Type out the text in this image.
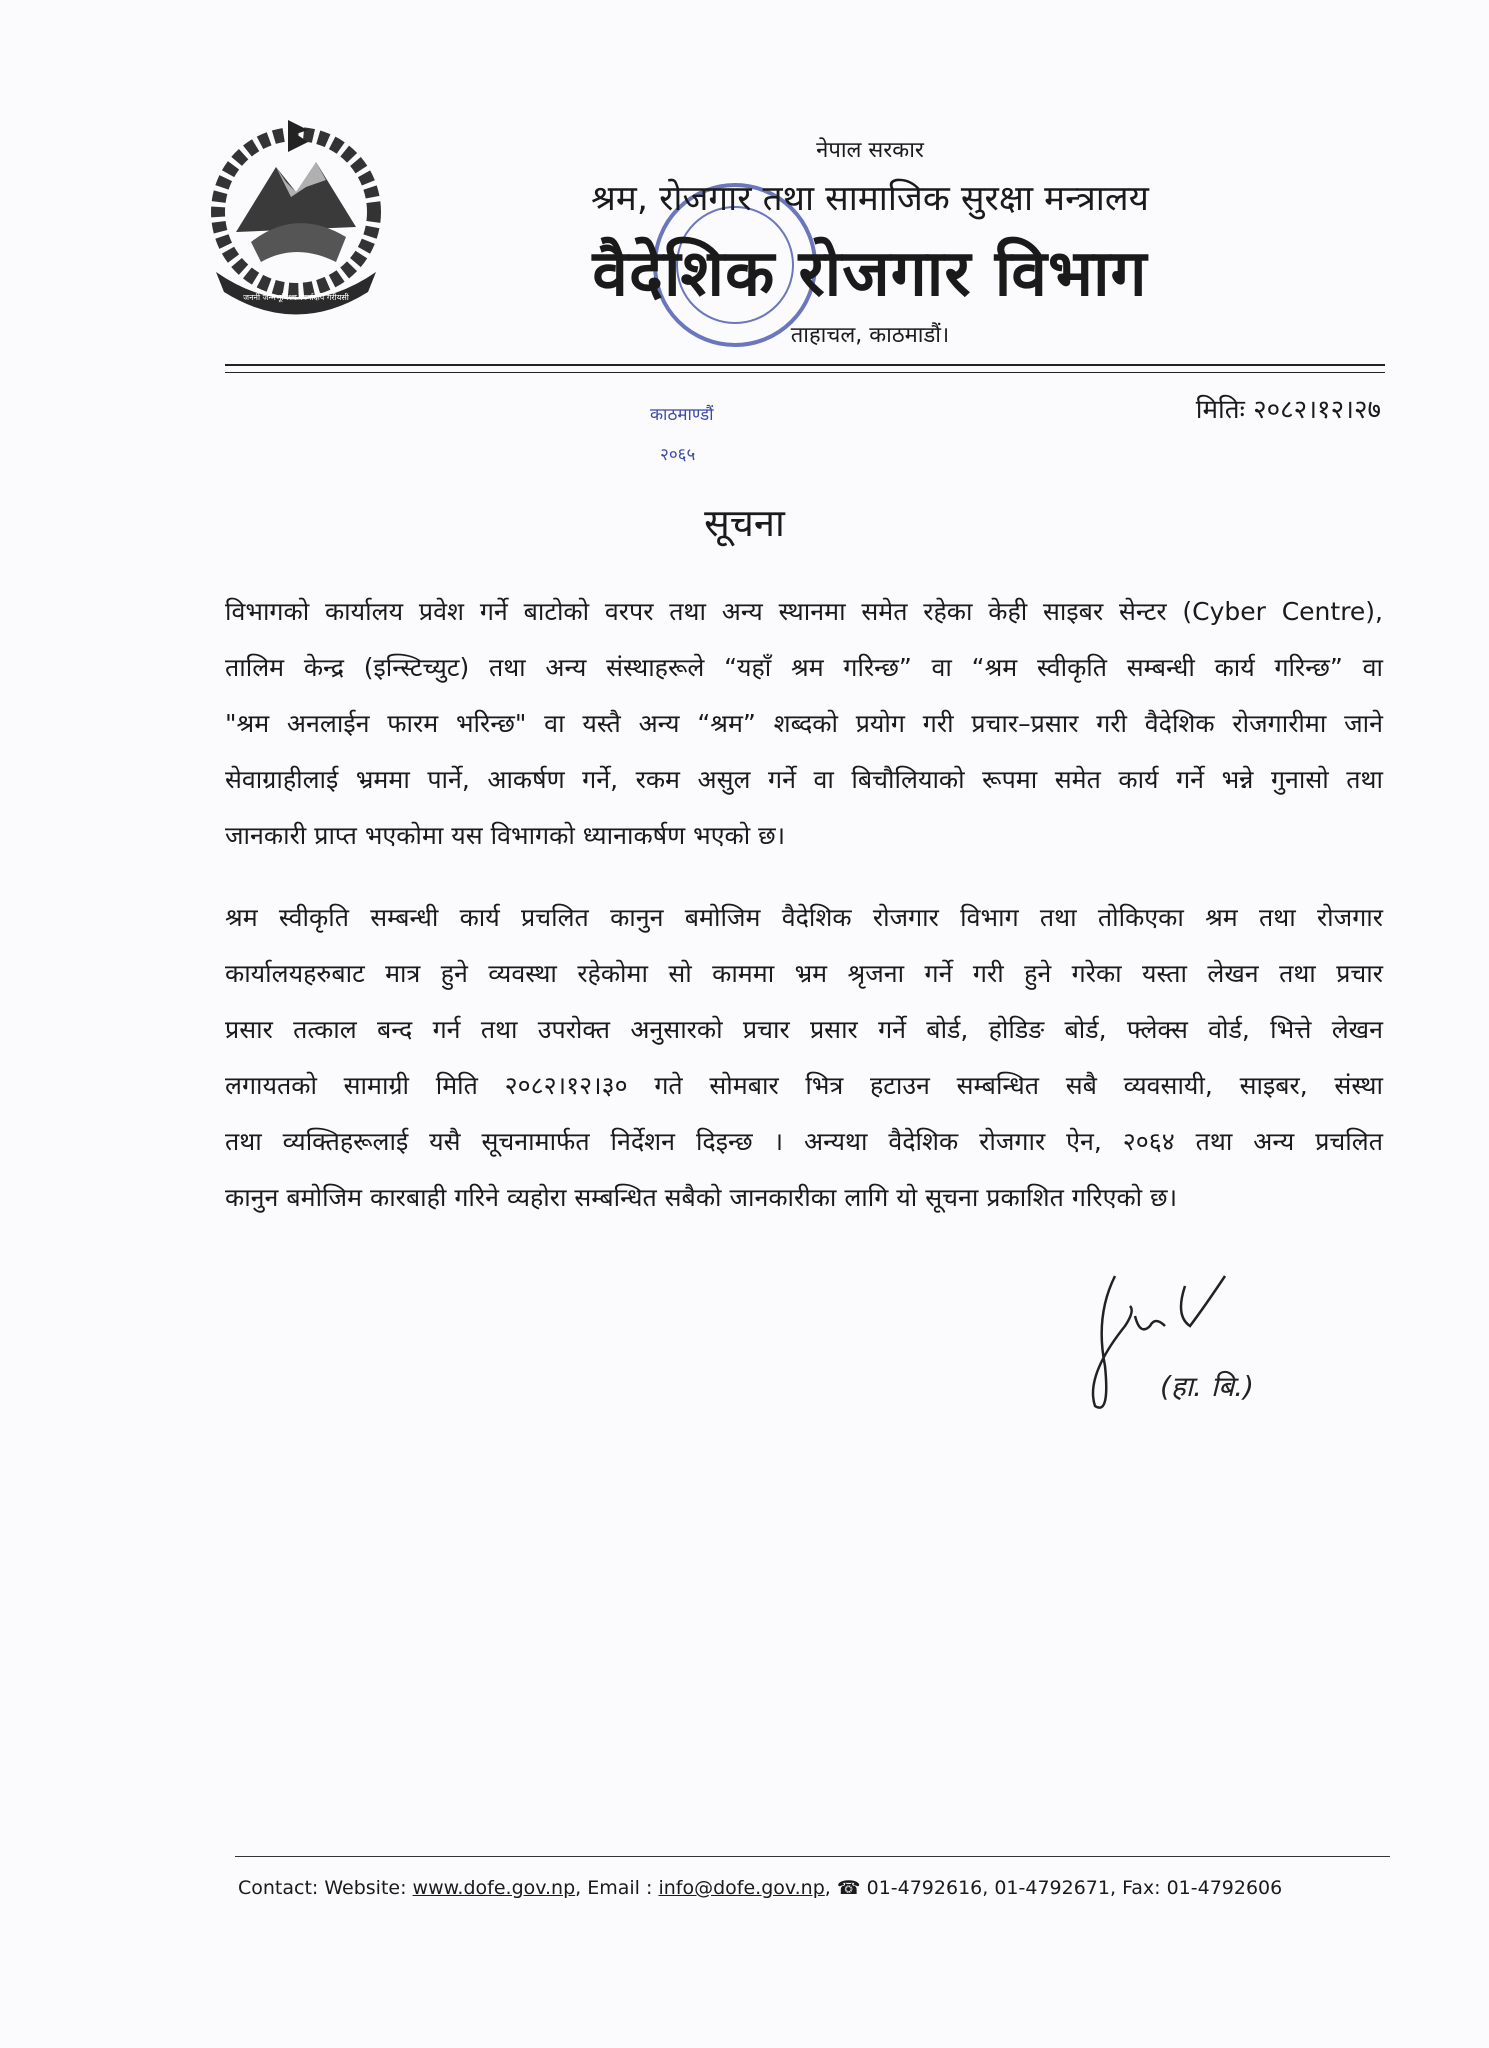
जननी जन्मभूमिश्च स्वर्गादपि गरीयसी
नेपाल सरकार
श्रम, रोजगार तथा सामाजिक सुरक्षा मन्त्रालय
वैदेशिक रोजगार विभाग
ताहाचल, काठमाडौं।
काठमाण्डौं
२०६५
मितिः २०८२।१२।२७
सूचना
विभागको कार्यालय प्रवेश गर्ने बाटोको वरपर तथा अन्य स्थानमा समेत रहेका केही साइबर सेन्टर (Cyber Centre),
तालिम केन्द्र (इन्स्टिच्युट) तथा अन्य संस्थाहरूले “यहाँ श्रम गरिन्छ” वा “श्रम स्वीकृति सम्बन्धी कार्य गरिन्छ” वा
"श्रम अनलाईन फारम भरिन्छ" वा यस्तै अन्य “श्रम” शब्दको प्रयोग गरी प्रचार–प्रसार गरी वैदेशिक रोजगारीमा जाने
सेवाग्राहीलाई भ्रममा पार्ने, आकर्षण गर्ने, रकम असुल गर्ने वा बिचौलियाको रूपमा समेत कार्य गर्ने भन्ने गुनासो तथा
जानकारी प्राप्त भएकोमा यस विभागको ध्यानाकर्षण भएको छ।
श्रम स्वीकृति सम्बन्धी कार्य प्रचलित कानुन बमोजिम वैदेशिक रोजगार विभाग तथा तोकिएका श्रम तथा रोजगार
कार्यालयहरुबाट मात्र हुने व्यवस्था रहेकोमा सो काममा भ्रम श्रृजना गर्ने गरी हुने गरेका यस्ता लेखन तथा प्रचार
प्रसार तत्काल बन्द गर्न तथा उपरोक्त अनुसारको प्रचार प्रसार गर्ने बोर्ड, होडिङ बोर्ड, फ्लेक्स वोर्ड, भित्ते लेखन
लगायतको सामाग्री मिति २०८२।१२।३० गते सोमबार भित्र हटाउन सम्बन्धित सबै व्यवसायी, साइबर, संस्था
तथा व्यक्तिहरूलाई यसै सूचनामार्फत निर्देशन दिइन्छ । अन्यथा वैदेशिक रोजगार ऐन, २०६४ तथा अन्य प्रचलित
कानुन बमोजिम कारबाही गरिने व्यहोरा सम्बन्धित सबैको जानकारीका लागि यो सूचना प्रकाशित गरिएको छ।
(हा. बि.)
Contact: Website: www.dofe.gov.np, Email : info@dofe.gov.np, ☎ 01-4792616, 01-4792671, Fax: 01-4792606
